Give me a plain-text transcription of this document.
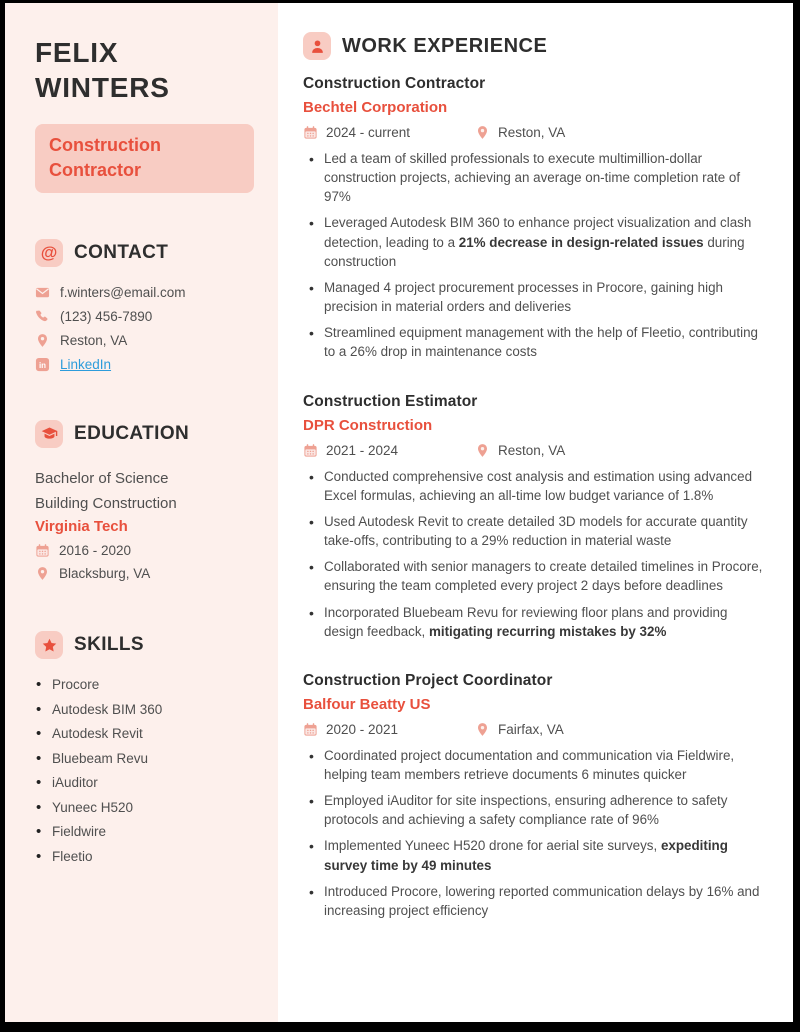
FELIX WINTERS
Construction Contractor
@ CONTACT
f.winters@email.com
(123) 456-7890
Reston, VA
in LinkedIn
EDUCATION

Bachelor of Science

Building Construction

Virginia Tech

2016 - 2020
Blacksburg, VA
SKILLS
• Procore
• Autodesk BIM 360
• Autodesk Revit
• Bluebeam Revu
• iAuditor
• Yuneec H520
• Fieldwire
• Fleetio
WORK EXPERIENCE
Construction Contractor
Bechtel Corporation
2024 - current	Reston, VA
• Led a team of skilled professionals to execute multimillion-dollar construction projects, achieving an average on-time completion rate of 97%
• Leveraged Autodesk BIM 360 to enhance project visualization and clash detection, leading to a 21% decrease in design-related issues during construction
• Managed 4 project procurement processes in Procore, gaining high precision in material orders and deliveries
• Streamlined equipment management with the help of Fleetio, contributing to a 26% drop in maintenance costs
Construction Estimator
DPR Construction
2021 - 2024	Reston, VA
• Conducted comprehensive cost analysis and estimation using advanced Excel formulas, achieving an all-time low budget variance of 1.8%
• Used Autodesk Revit to create detailed 3D models for accurate quantity take-offs, contributing to a 29% reduction in material waste
• Collaborated with senior managers to create detailed timelines in Procore, ensuring the team completed every project 2 days before deadlines
• Incorporated Bluebeam Revu for reviewing floor plans and providing design feedback, mitigating recurring mistakes by 32%
Construction Project Coordinator
Balfour Beatty US
2020 - 2021	Fairfax, VA
• Coordinated project documentation and communication via Fieldwire, helping team members retrieve documents 6 minutes quicker
• Employed iAuditor for site inspections, ensuring adherence to safety protocols and achieving a safety compliance rate of 96%
• Implemented Yuneec H520 drone for aerial site surveys, expediting survey time by 49 minutes
• Introduced Procore, lowering reported communication delays by 16% and increasing project efficiency
